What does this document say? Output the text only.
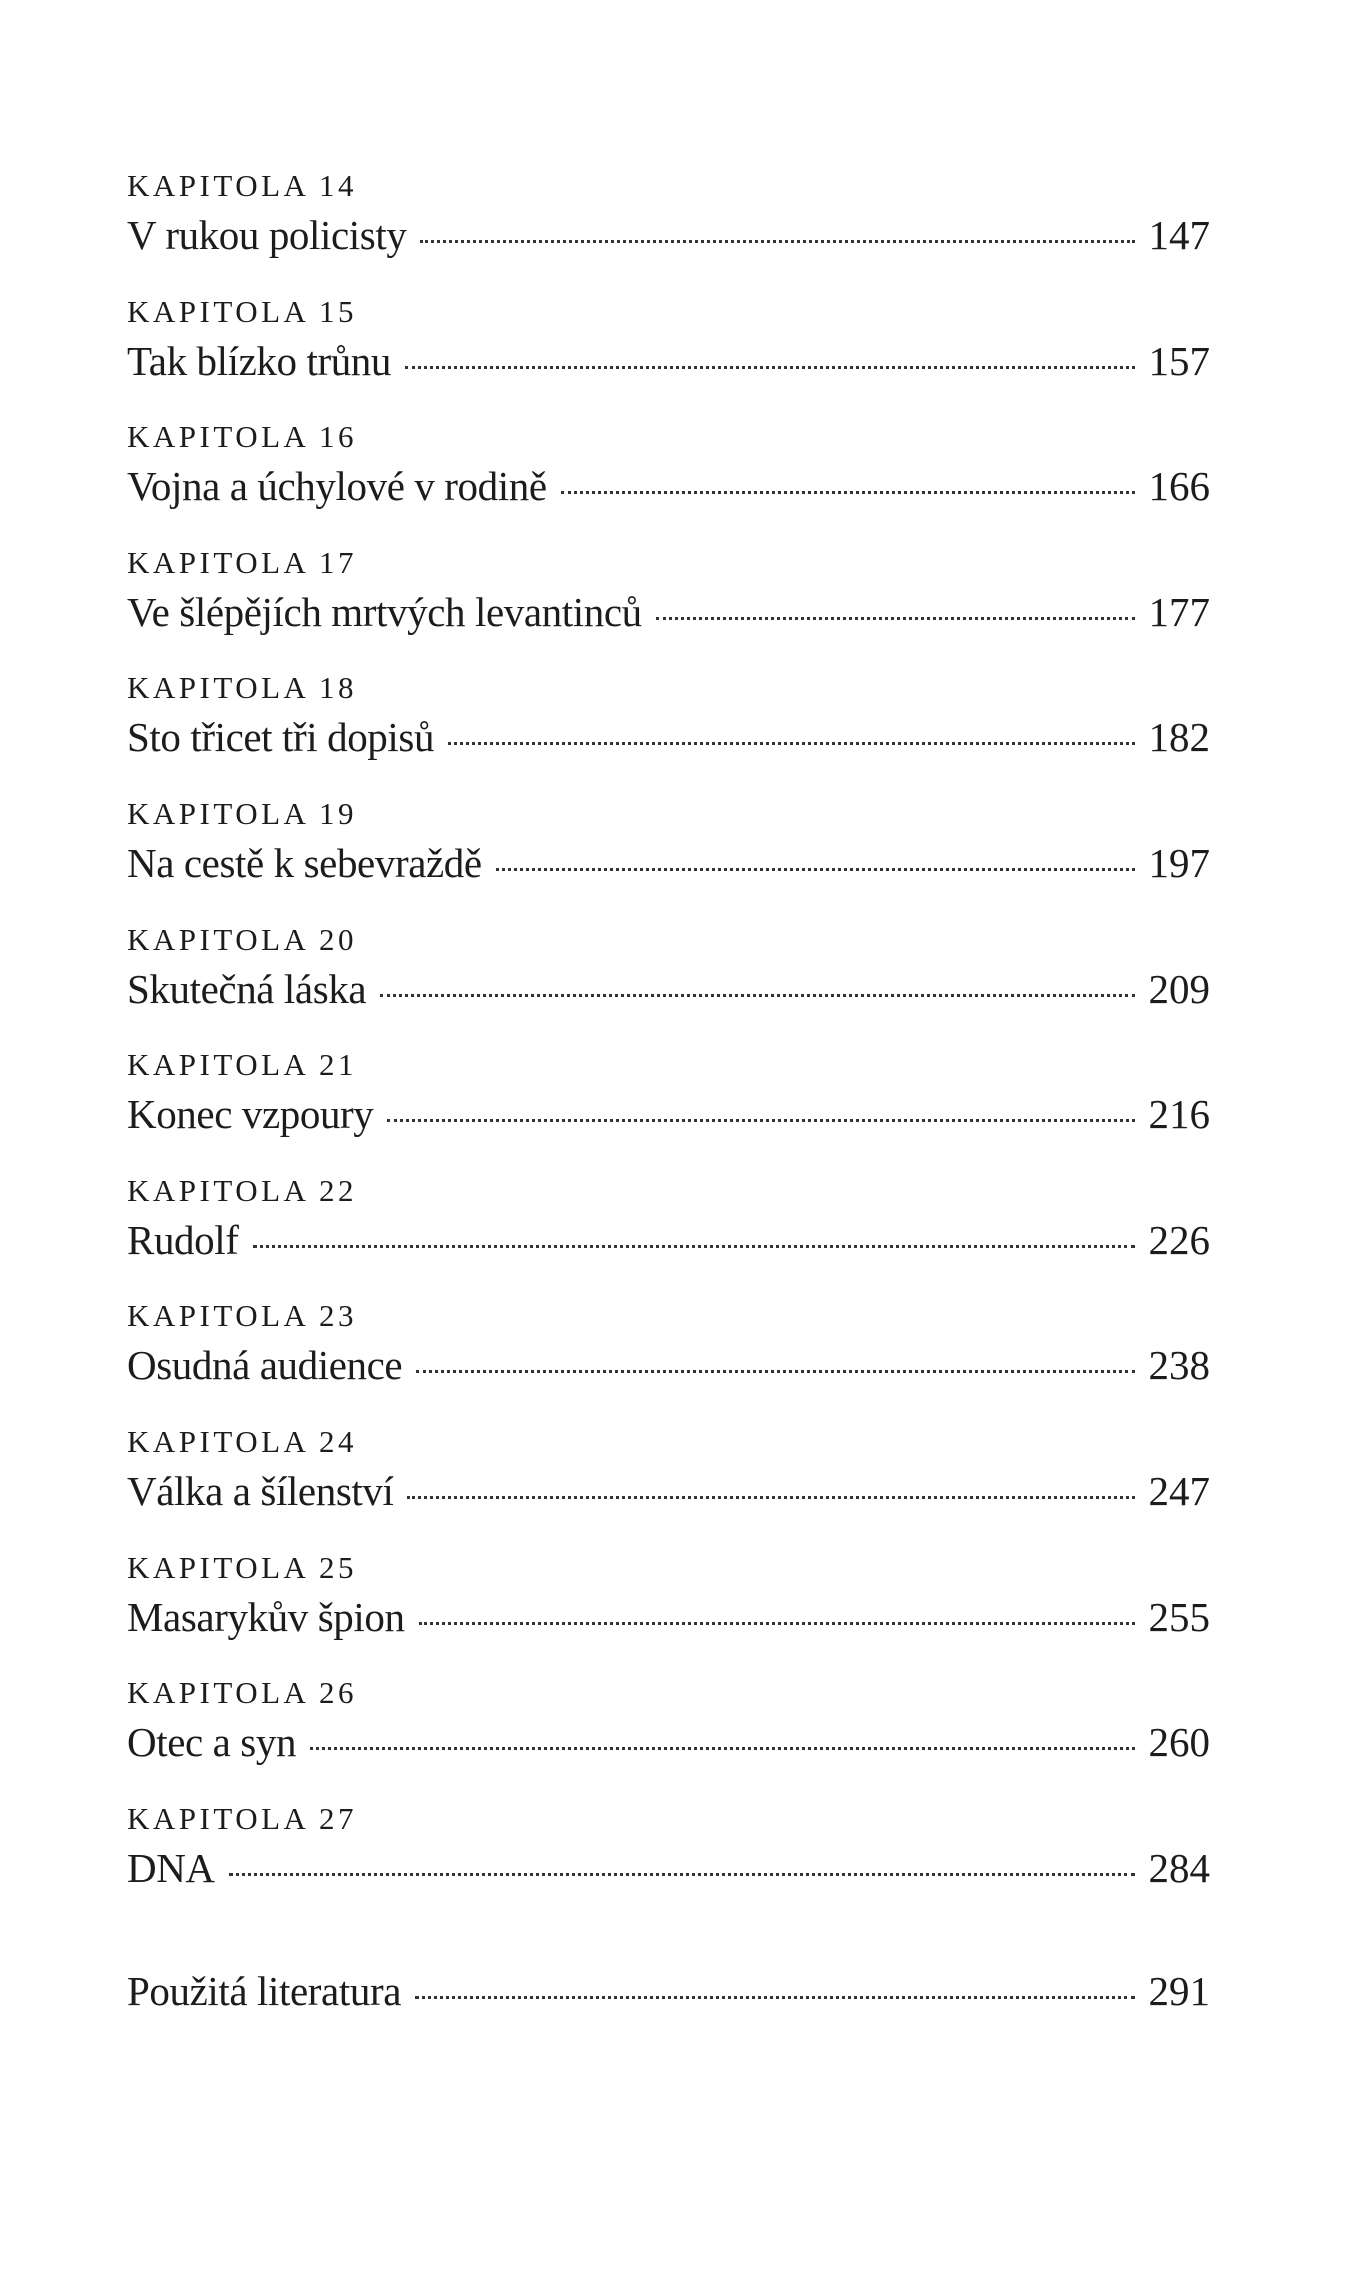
KAPITOLA 14
V rukou policisty	147
KAPITOLA 15
Tak blízko trůnu	157
KAPITOLA 16
Vojna a úchylové v rodině	166
KAPITOLA 17
Ve šlépějích mrtvých levantinců	177
KAPITOLA 18
Sto třicet tři dopisů	182
KAPITOLA 19
Na cestě k sebevraždě	197
KAPITOLA 20
Skutečná láska	209
KAPITOLA 21
Konec vzpoury	216
KAPITOLA 22
Rudolf	226
KAPITOLA 23
Osudná audience	238
KAPITOLA 24
Válka a šílenství	247
KAPITOLA 25
Masarykův špion	255
KAPITOLA 26
Otec a syn	260
KAPITOLA 27
DNA	284
Použitá literatura	291
